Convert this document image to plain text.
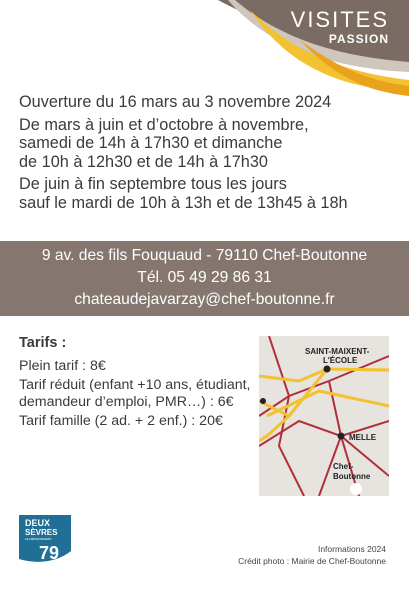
VISITES
PASSION

Ouverture du 16 mars au 3 novembre 2024

De mars à juin et d’octobre à novembre,
samedi de 14h à 17h30 et dimanche
de 10h à 12h30 et de 14h à 17h30

De juin à fin septembre tous les jours
sauf le mardi de 10h à 13h et de 13h45 à 18h

9 av. des fils Fouquaud - 79110 Chef-Boutonne
Tél. 05 49 29 86 31
chateaudejavarzay@chef-boutonne.fr
Tarifs :
Plein tarif : 8€
Tarif réduit (enfant +10 ans, étudiant, demandeur d’emploi, PMR…) : 6€
Tarif famille (2 ad. + 2 enf.) : 20€
SAINT-MAIXENT-
L'ÉCOLE
MELLE
Chef-
Boutonne
DEUX
SÈVRES
LE DÉPARTEMENT
79	Informations 2024
Crédit photo : Mairie de Chef-Boutonne
